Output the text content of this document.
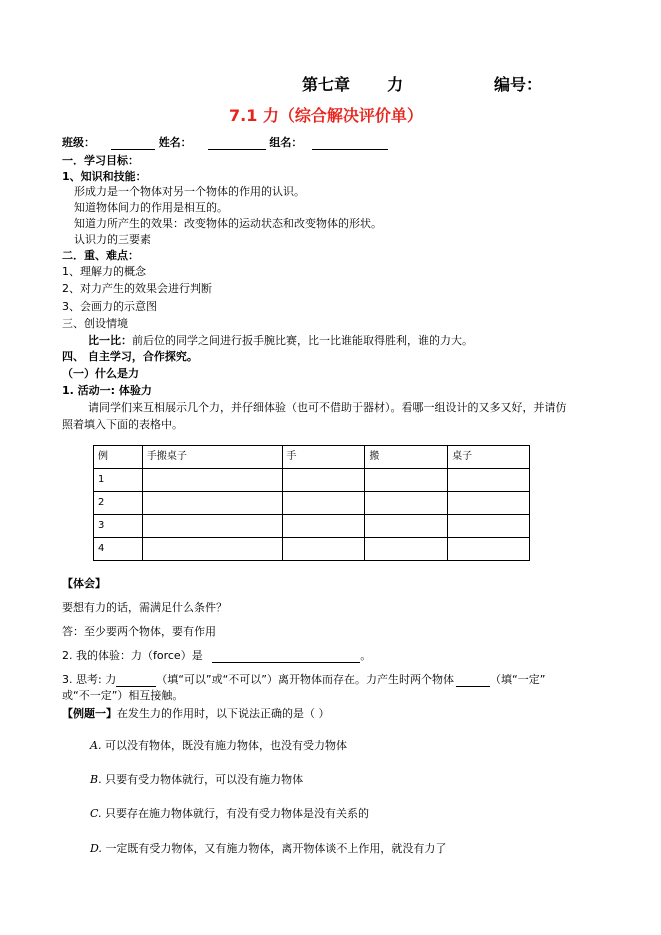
第七章 力	编号：
7.1 力（综合解决评价单）
班级：	姓名：	组名：
一．学习目标：
1、知识和技能：
形成力是一个物体对另一个物体的作用的认识。
知道物体间力的作用是相互的。
知道力所产生的效果：改变物体的运动状态和改变物体的形状。
认识力的三要素
二．重、难点：
1、理解力的概念
2、对力产生的效果会进行判断
3、会画力的示意图
三、创设情境
比一比：前后位的同学之间进行扳手腕比赛，比一比谁能取得胜利，谁的力大。
四、 自主学习，合作探究。
（一）什么是力
1. 活动一: 体验力
请同学们来互相展示几个力，并仔细体验（也可不借助于器材）。看哪一组设计的又多又好，并请仿
照着填入下面的表格中。
例	手搬桌子	手	搬	桌子
1				
2				
3				
4				
【体会】
要想有力的话，需满足什么条件？
答：至少要两个物体，要有作用
2. 我的体验：力（force）是	。
3. 思考: 力	（填“可以”或“不可以”）离开物体而存在。力产生时两个物体	（填“一定”
或“不一定”）相互接触。
【例题一】在发生力的作用时，以下说法正确的是（ ）
A. 可以没有物体，既没有施力物体，也没有受力物体
B. 只要有受力物体就行，可以没有施力物体
C. 只要存在施力物体就行，有没有受力物体是没有关系的
D. 一定既有受力物体，又有施力物体，离开物体谈不上作用，就没有力了
